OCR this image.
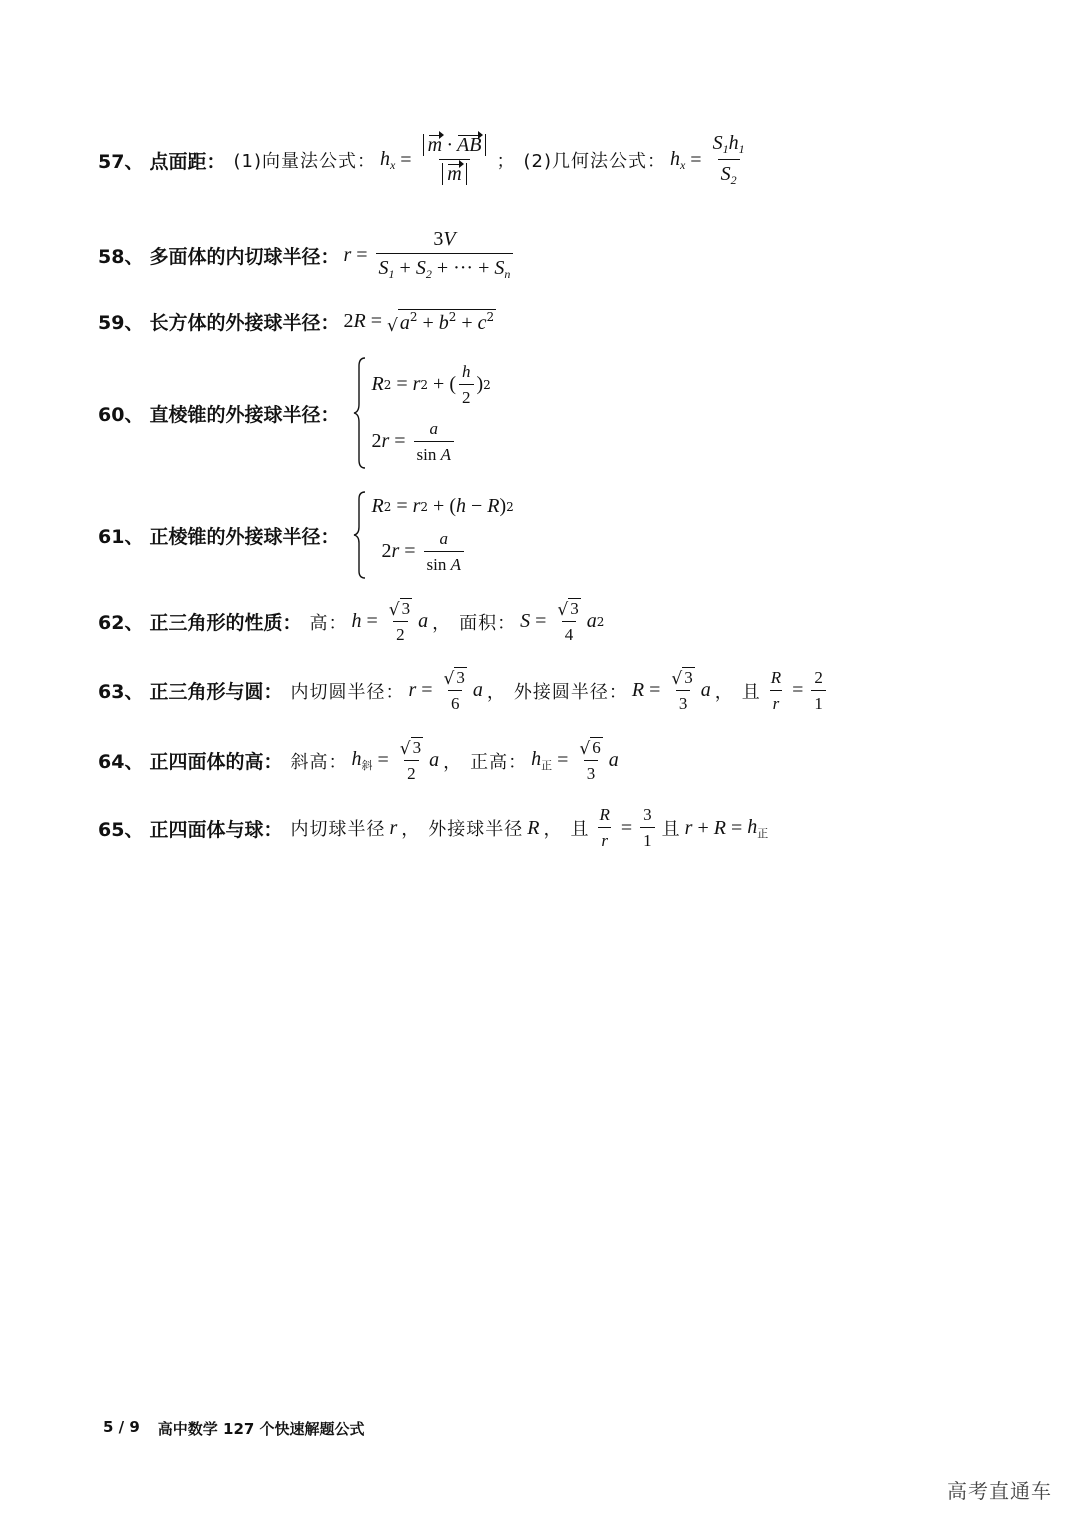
57、 点面距： (1)向量法公式： $h_x = \frac{m \cdot AB}{m}$ ； (2)几何法公式： $h_x = \frac{S_1h_1}{S_2}$
58、 多面体的内切球半径： $r = \frac{3V}{S_1 + S_2 + \cdot\cdot\cdot + S_n}$
59、 长方体的外接球半径： 2 R = √ $a^2 + b^2 + c^2$
60、 直棱锥的外接球半径：
R 2 = r 2 + ( $\frac{h}{2}$ ) 2
2 $r = \frac{a}{\text{sin A}}$
61、 正棱锥的外接球半径：
R 2 = r 2 + ( h − R ) 2
2 $r = \frac{a}{\text{sin A}}$
62、 正三角形的性质： 高： $h = \frac{√ 3}{2}$ a ， 面积： $S = \frac{√ 3}{4}$ a 2
63、 正三角形与圆： 内切圆半径： $r = \frac{√ 3}{6}$ a ， 外接圆半径： $R = \frac{√ 3}{3}$ a ， 且 $\frac{R}{r} = \frac{2}{1}$
64、 正四面体的高： 斜高： $h_斜 = \frac{√ 3}{2}$ a ， 正高： $h_正 = \frac{√ 6}{3}$ a
65、 正四面体与球： 内切球半径 r ， 外接球半径 R ， 且 $\frac{R}{r} = \frac{3}{1}$ 且 $r + R = h_正$
5 / 9 高中数学 127 个快速解题公式
高考直通车
